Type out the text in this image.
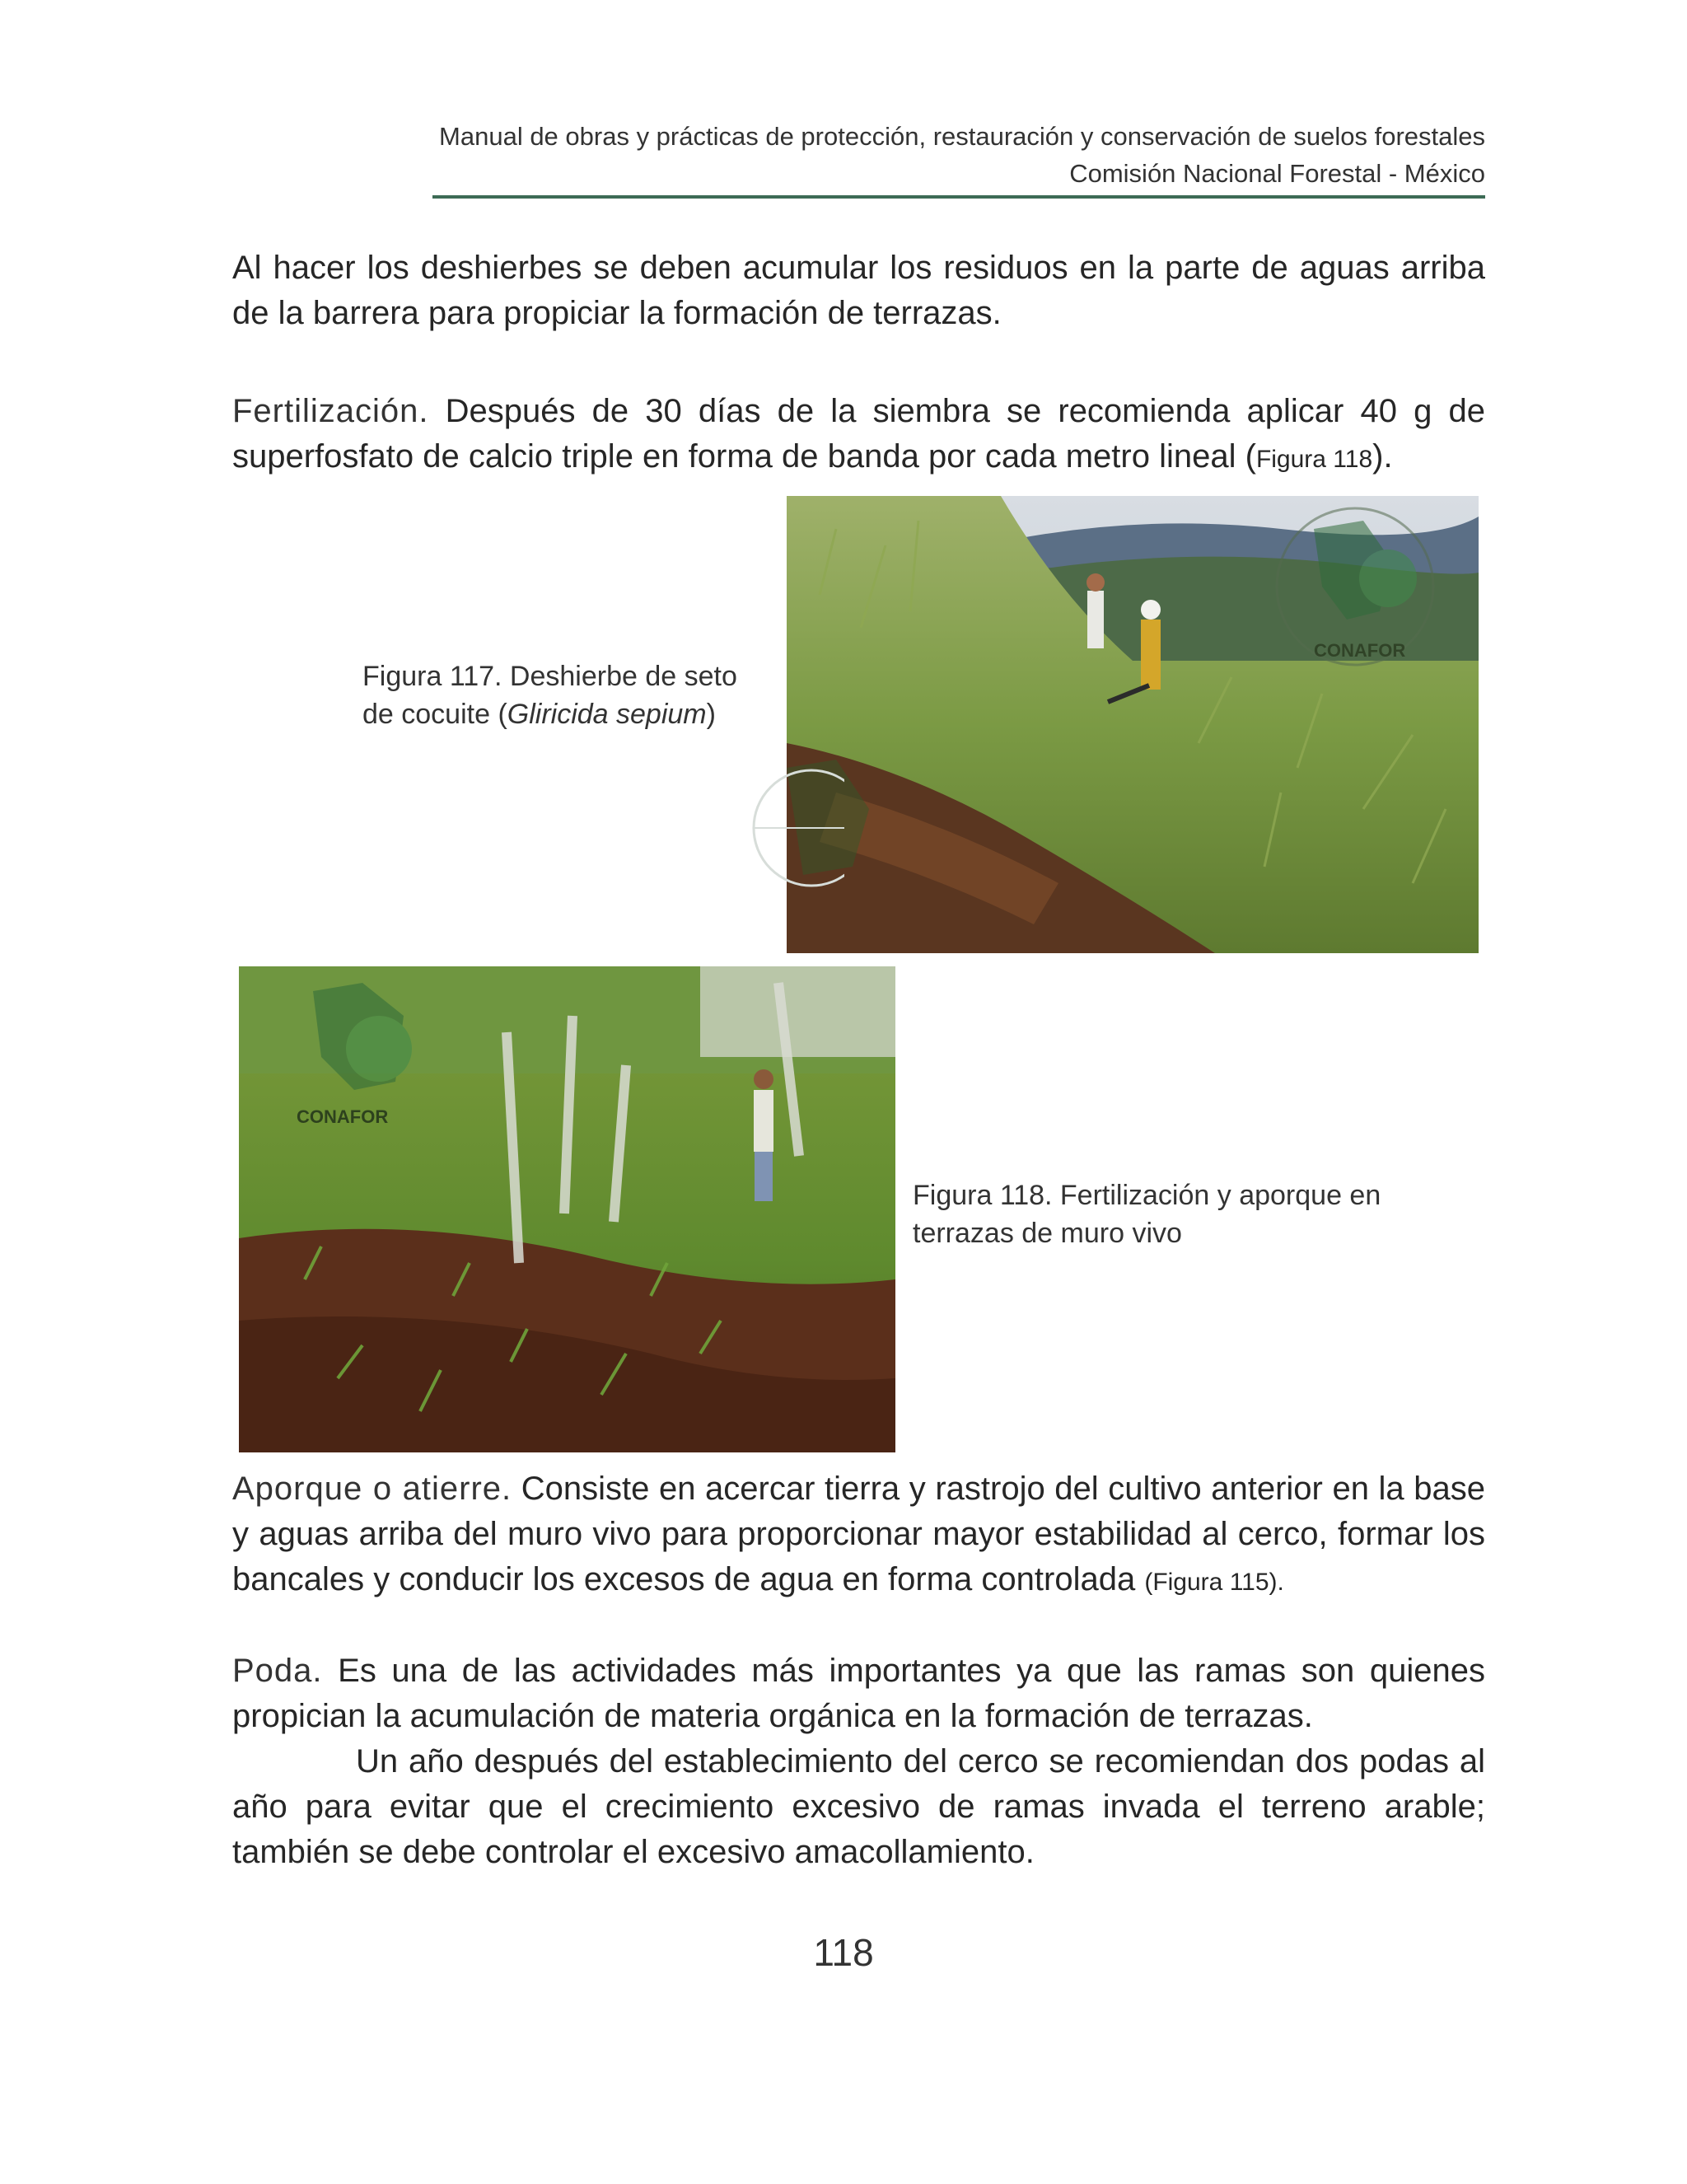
Manual de obras y prácticas de protección, restauración y conservación de suelos forestales
Comisión Nacional Forestal - México

Al hacer los deshierbes se deben acumular los residuos en la parte de aguas arriba de la barrera para propiciar la formación de terrazas.

Fertilización. Después de 30 días de la siembra se recomienda aplicar 40 g de superfosfato de calcio triple en forma de banda por cada metro lineal (Figura 118).

CONAFOR
Figura 117. Deshierbe de seto de cocuite (Gliricida sepium)
CONAFOR
Figura 118. Fertilización y aporque en terrazas de muro vivo

Aporque o atierre. Consiste en acercar tierra y rastrojo del cultivo anterior en la base y aguas arriba del muro vivo para proporcionar mayor estabilidad al cerco, formar los bancales y conducir los excesos de agua en forma controlada (Figura 115).

Poda. Es una de las actividades más importantes ya que las ramas son quienes propician la acumulación de materia orgánica en la formación de terrazas.

Un año después del establecimiento del cerco se recomiendan dos podas al año para evitar que el crecimiento excesivo de ramas invada el terreno arable; también se debe controlar el excesivo amacollamiento.

118
